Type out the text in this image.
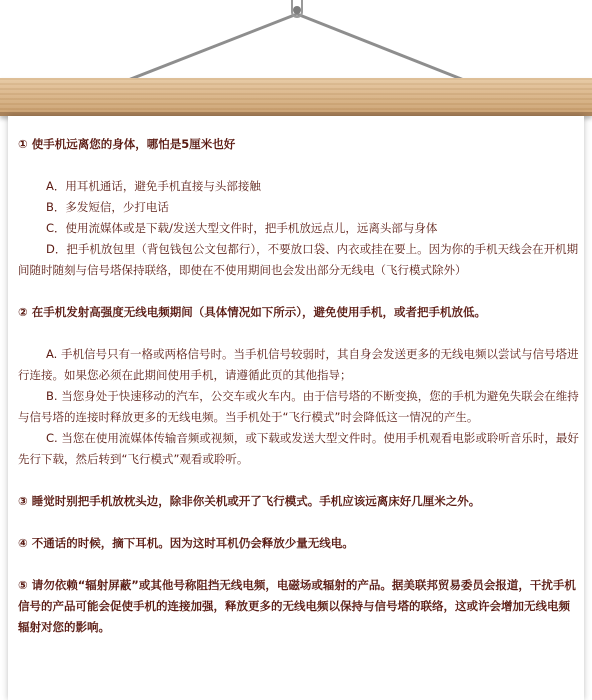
① 使手机远离您的身体，哪怕是5厘米也好

A．用耳机通话，避免手机直接与头部接触

B．多发短信，少打电话

C．使用流媒体或是下载/发送大型文件时，把手机放远点儿，远离头部与身体

D．把手机放包里（背包钱包公文包都行），不要放口袋、内衣或挂在要上。因为你的手机天线会在开机期间随时随刻与信号塔保持联络，即使在不使用期间也会发出部分无线电（飞行模式除外）

② 在手机发射高强度无线电频期间（具体情况如下所示），避免使用手机，或者把手机放低。

A. 手机信号只有一格或两格信号时。当手机信号较弱时，其自身会发送更多的无线电频以尝试与信号塔进行连接。如果您必须在此期间使用手机，请遵循此页的其他指导；

B. 当您身处于快速移动的汽车，公交车或火车内。由于信号塔的不断变换，您的手机为避免失联会在维持与信号塔的连接时释放更多的无线电频。当手机处于“飞行模式”时会降低这一情况的产生。

C. 当您在使用流媒体传输音频或视频，或下载或发送大型文件时。使用手机观看电影或聆听音乐时，最好先行下载，然后转到“飞行模式”观看或聆听。

③ 睡觉时别把手机放枕头边，除非你关机或开了飞行模式。手机应该远离床好几厘米之外。

④ 不通话的时候，摘下耳机。因为这时耳机仍会释放少量无线电。

⑤ 请勿依赖“辐射屏蔽”或其他号称阻挡无线电频，电磁场或辐射的产品。据美联邦贸易委员会报道，干扰手机信号的产品可能会促使手机的连接加强，释放更多的无线电频以保持与信号塔的联络，这或许会增加无线电频辐射对您的影响。
